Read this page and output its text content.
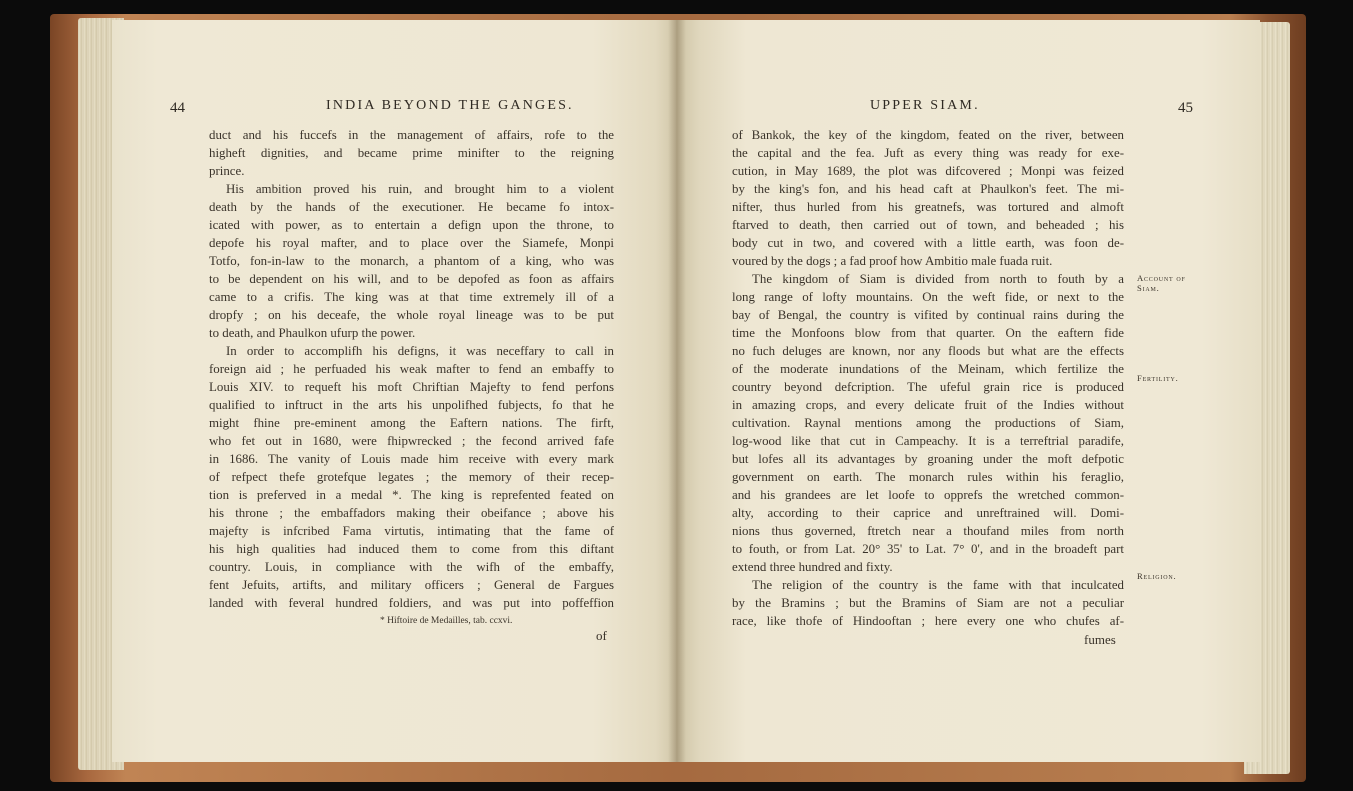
44	INDIA BEYOND THE GANGES.
duct and his fuccefs in the management of affairs, rofe to the
higheft dignities, and became prime minifter to the reigning
prince.
His ambition proved his ruin, and brought him to a violent
death by the hands of the executioner. He became fo intox-
icated with power, as to entertain a defign upon the throne, to
depofe his royal mafter, and to place over the Siamefe, Monpi
Totfo, fon-in-law to the monarch, a phantom of a king, who was
to be dependent on his will, and to be depofed as foon as affairs
came to a crifis. The king was at that time extremely ill of a
dropfy ; on his deceafe, the whole royal lineage was to be put
to death, and Phaulkon ufurp the power.
In order to accomplifh his defigns, it was neceffary to call in
foreign aid ; he perfuaded his weak mafter to fend an embaffy to
Louis XIV. to requeft his moft Chriftian Majefty to fend perfons
qualified to inftruct in the arts his unpolifhed fubjects, fo that he
might fhine pre-eminent among the Eaftern nations. The firft,
who fet out in 1680, were fhipwrecked ; the fecond arrived fafe
in 1686. The vanity of Louis made him receive with every mark
of refpect thefe grotefque legates ; the memory of their recep-
tion is preferved in a medal *. The king is reprefented feated on
his throne ; the embaffadors making their obeifance ; above his
majefty is infcribed Fama virtutis, intimating that the fame of
his high qualities had induced them to come from this diftant
country. Louis, in compliance with the wifh of the embaffy,
fent Jefuits, artifts, and military officers ; General de Fargues
landed with feveral hundred foldiers, and was put into poffeffion
* Hiftoire de Medailles, tab. ccxvi.
of
UPPER SIAM.	45
of Bankok, the key of the kingdom, feated on the river, between
the capital and the fea. Juft as every thing was ready for exe-
cution, in May 1689, the plot was difcovered ; Monpi was feized
by the king's fon, and his head caft at Phaulkon's feet. The mi-
nifter, thus hurled from his greatnefs, was tortured and almoft
ftarved to death, then carried out of town, and beheaded ; his
body cut in two, and covered with a little earth, was foon de-
voured by the dogs ; a fad proof how Ambitio male fuada ruit.
The kingdom of Siam is divided from north to fouth by a
long range of lofty mountains. On the weft fide, or next to the
bay of Bengal, the country is vifited by continual rains during the
time the Monfoons blow from that quarter. On the eaftern fide
no fuch deluges are known, nor any floods but what are the effects
of the moderate inundations of the Meinam, which fertilize the
country beyond defcription. The ufeful grain rice is produced
in amazing crops, and every delicate fruit of the Indies without
cultivation. Raynal mentions among the productions of Siam,
log-wood like that cut in Campeachy. It is a terreftrial paradife,
but lofes all its advantages by groaning under the moft defpotic
government on earth. The monarch rules within his feraglio,
and his grandees are let loofe to opprefs the wretched common-
alty, according to their caprice and unreftrained will. Domi-
nions thus governed, ftretch near a thoufand miles from north
to fouth, or from Lat. 20° 35' to Lat. 7° 0', and in the broadeft part
extend three hundred and fixty.
The religion of the country is the fame with that inculcated
by the Bramins ; but the Bramins of Siam are not a peculiar
race, like thofe of Hindooftan ; here every one who chufes af-
fumes
Account of
Siam.
Fertility.
Religion.
